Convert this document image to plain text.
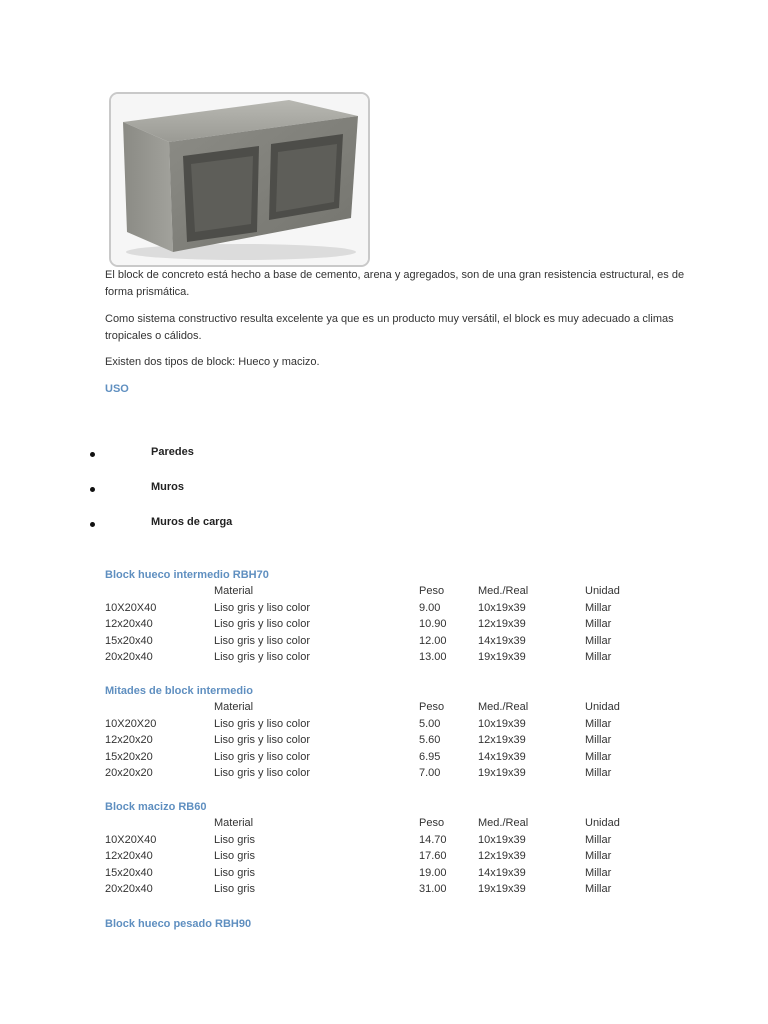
El block de concreto está hecho a base de cemento, arena y agregados, son de una gran resistencia estructural, es de forma prismática.

Como sistema constructivo resulta excelente ya que es un producto muy versátil, el block es muy adecuado a climas tropicales o cálidos.

Existen dos tipos de block: Hueco y macizo.

USO

Paredes
Muros
Muros de carga

Block hueco intermedio RBH70

	Material	Peso	Med./Real	Unidad
10X20X40	Liso gris y liso color	9.00	10x19x39	Millar
12x20x40	Liso gris y liso color	10.90	12x19x39	Millar
15x20x40	Liso gris y liso color	12.00	14x19x39	Millar
20x20x40	Liso gris y liso color	13.00	19x19x39	Millar

Mitades de block intermedio

	Material	Peso	Med./Real	Unidad
10X20X20	Liso gris y liso color	5.00	10x19x39	Millar
12x20x20	Liso gris y liso color	5.60	12x19x39	Millar
15x20x20	Liso gris y liso color	6.95	14x19x39	Millar
20x20x20	Liso gris y liso color	7.00	19x19x39	Millar

Block macizo RB60

	Material	Peso	Med./Real	Unidad
10X20X40	Liso gris	14.70	10x19x39	Millar
12x20x40	Liso gris	17.60	12x19x39	Millar
15x20x40	Liso gris	19.00	14x19x39	Millar
20x20x40	Liso gris	31.00	19x19x39	Millar

Block hueco pesado RBH90
